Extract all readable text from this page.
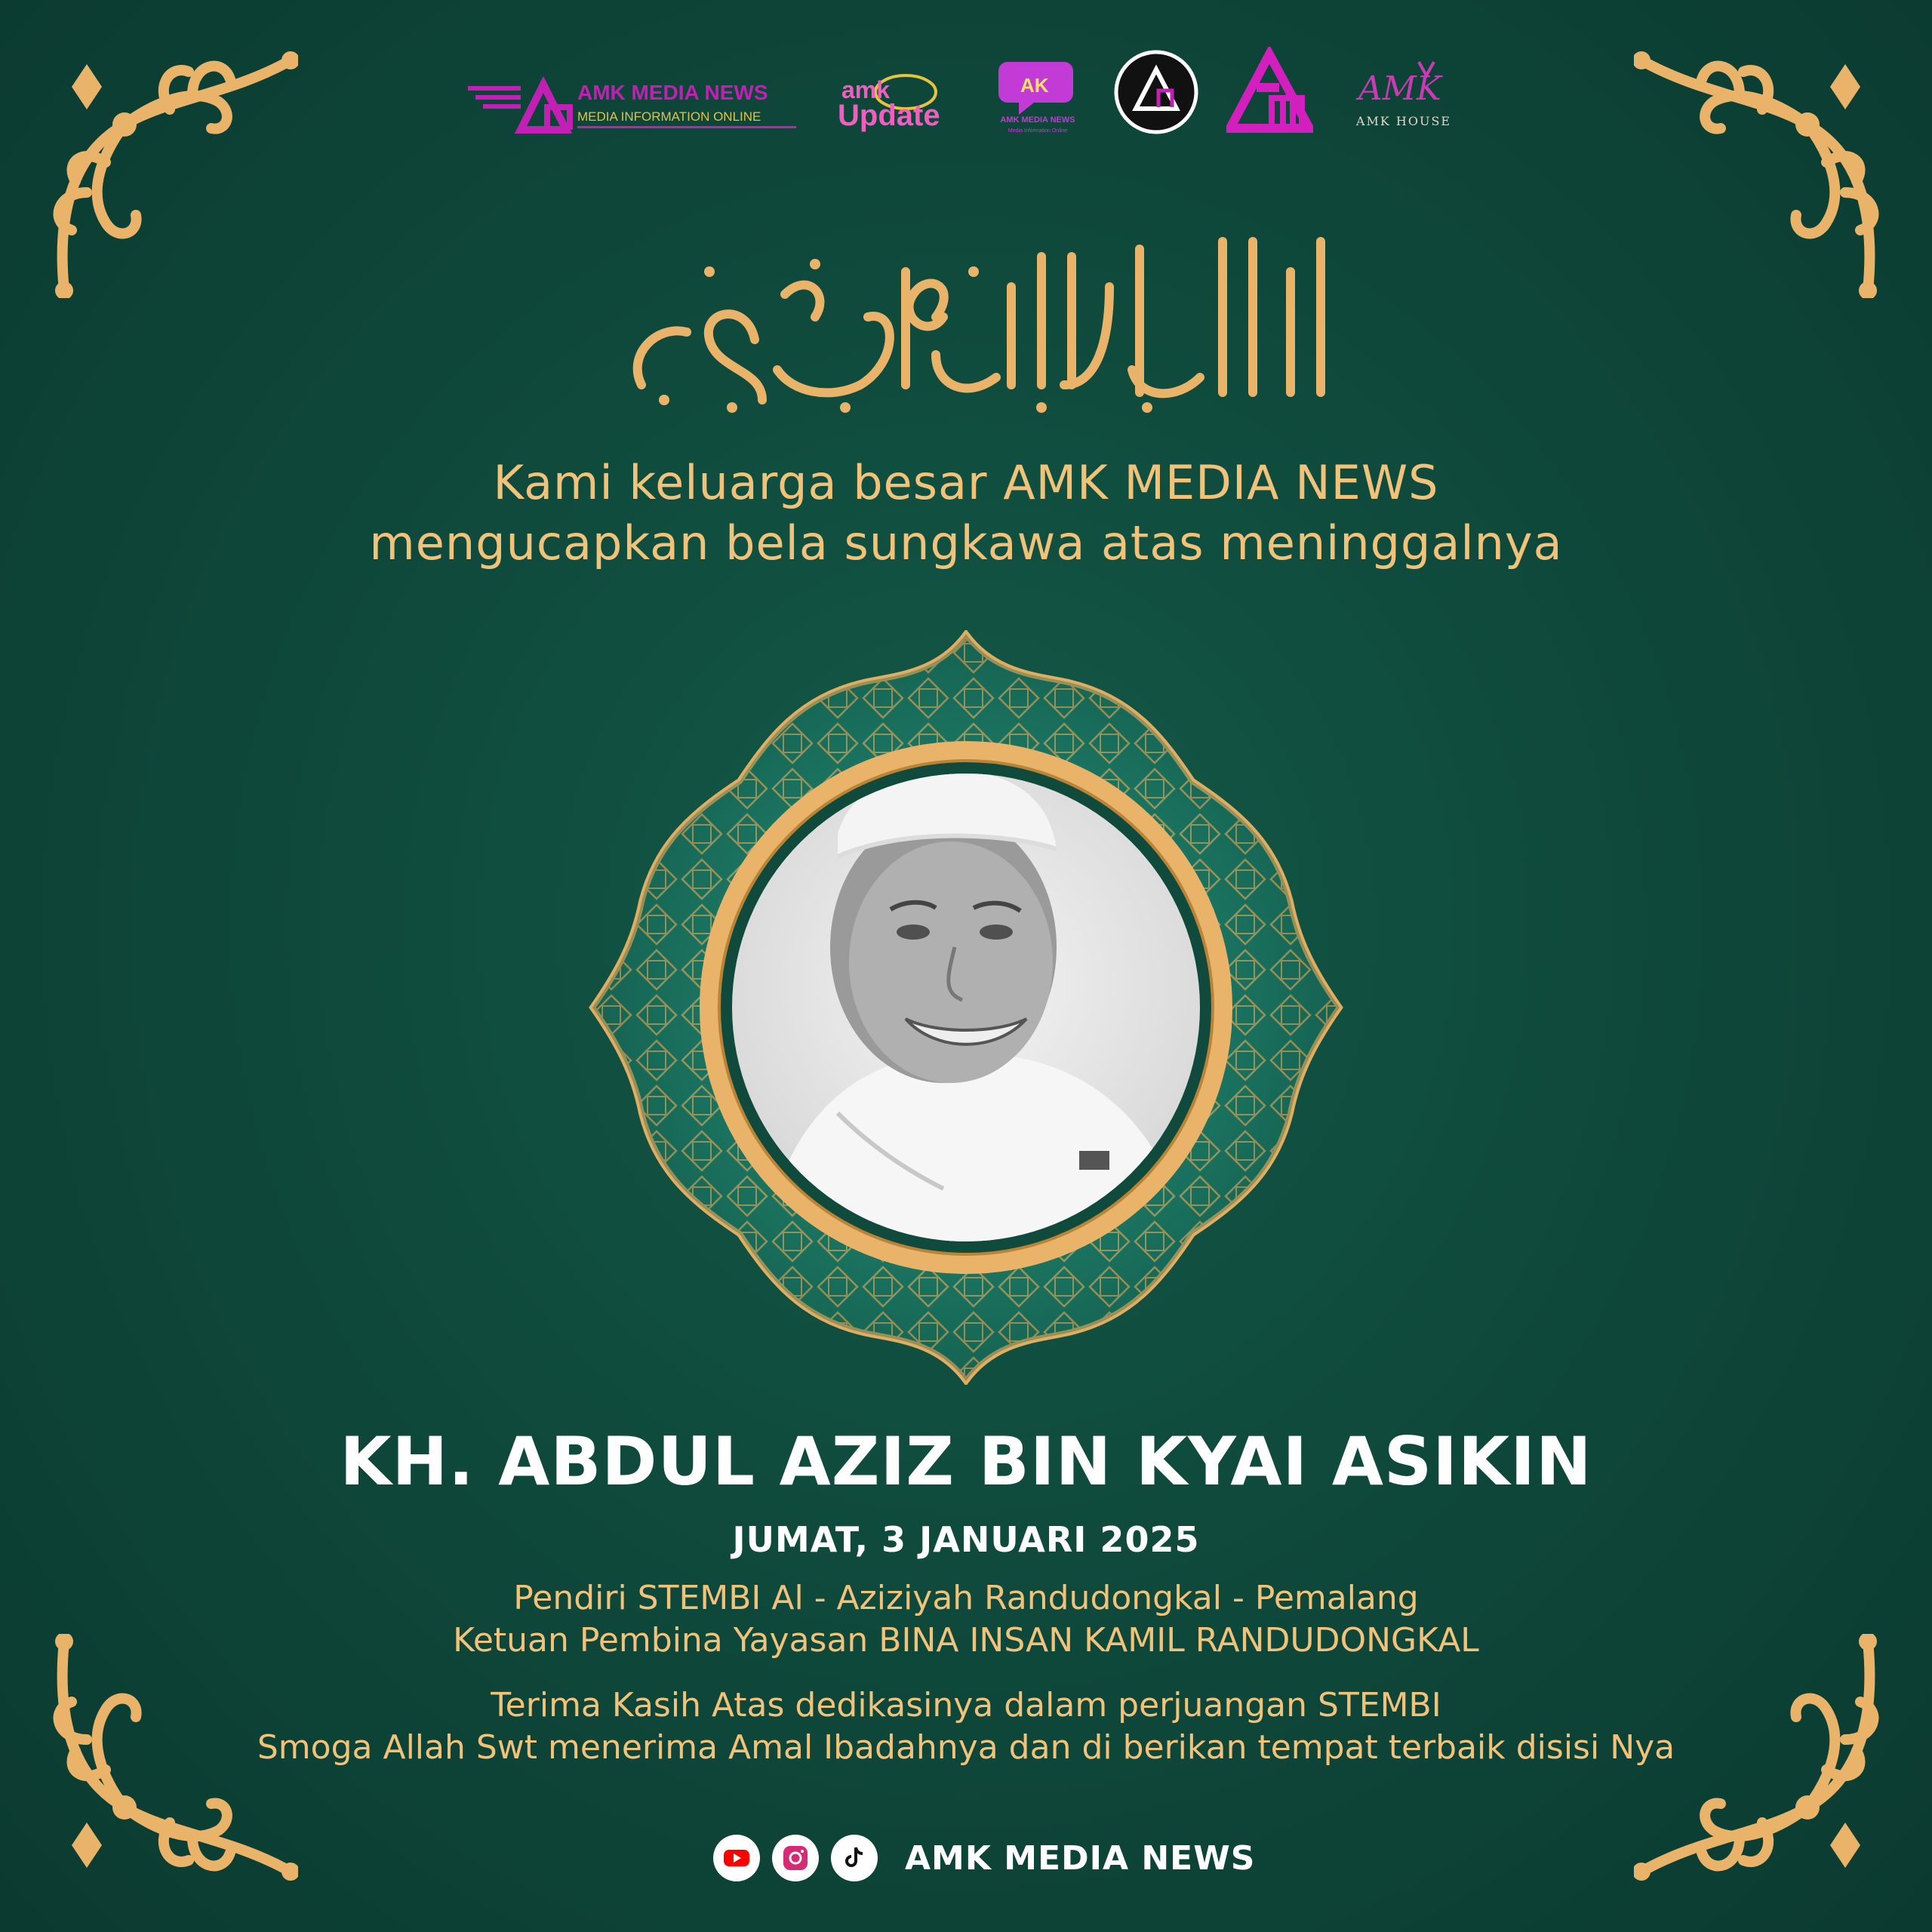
AMK MEDIA NEWS
MEDIA INFORMATION ONLINE
amk
Update
AK
AMK MEDIA NEWS
Media Information Online
AMK
AMK HOUSE
Kami keluarga besar AMK MEDIA NEWS
mengucapkan bela sungkawa atas meninggalnya
KH. ABDUL AZIZ BIN KYAI ASIKIN
JUMAT, 3 JANUARI 2025
Pendiri STEMBI Al - Aziziyah Randudongkal - Pemalang
Ketuan Pembina Yayasan BINA INSAN KAMIL RANDUDONGKAL
Terima Kasih Atas dedikasinya dalam perjuangan STEMBI
Smoga Allah Swt menerima Amal Ibadahnya dan di berikan tempat terbaik disisi Nya
AMK MEDIA NEWS
